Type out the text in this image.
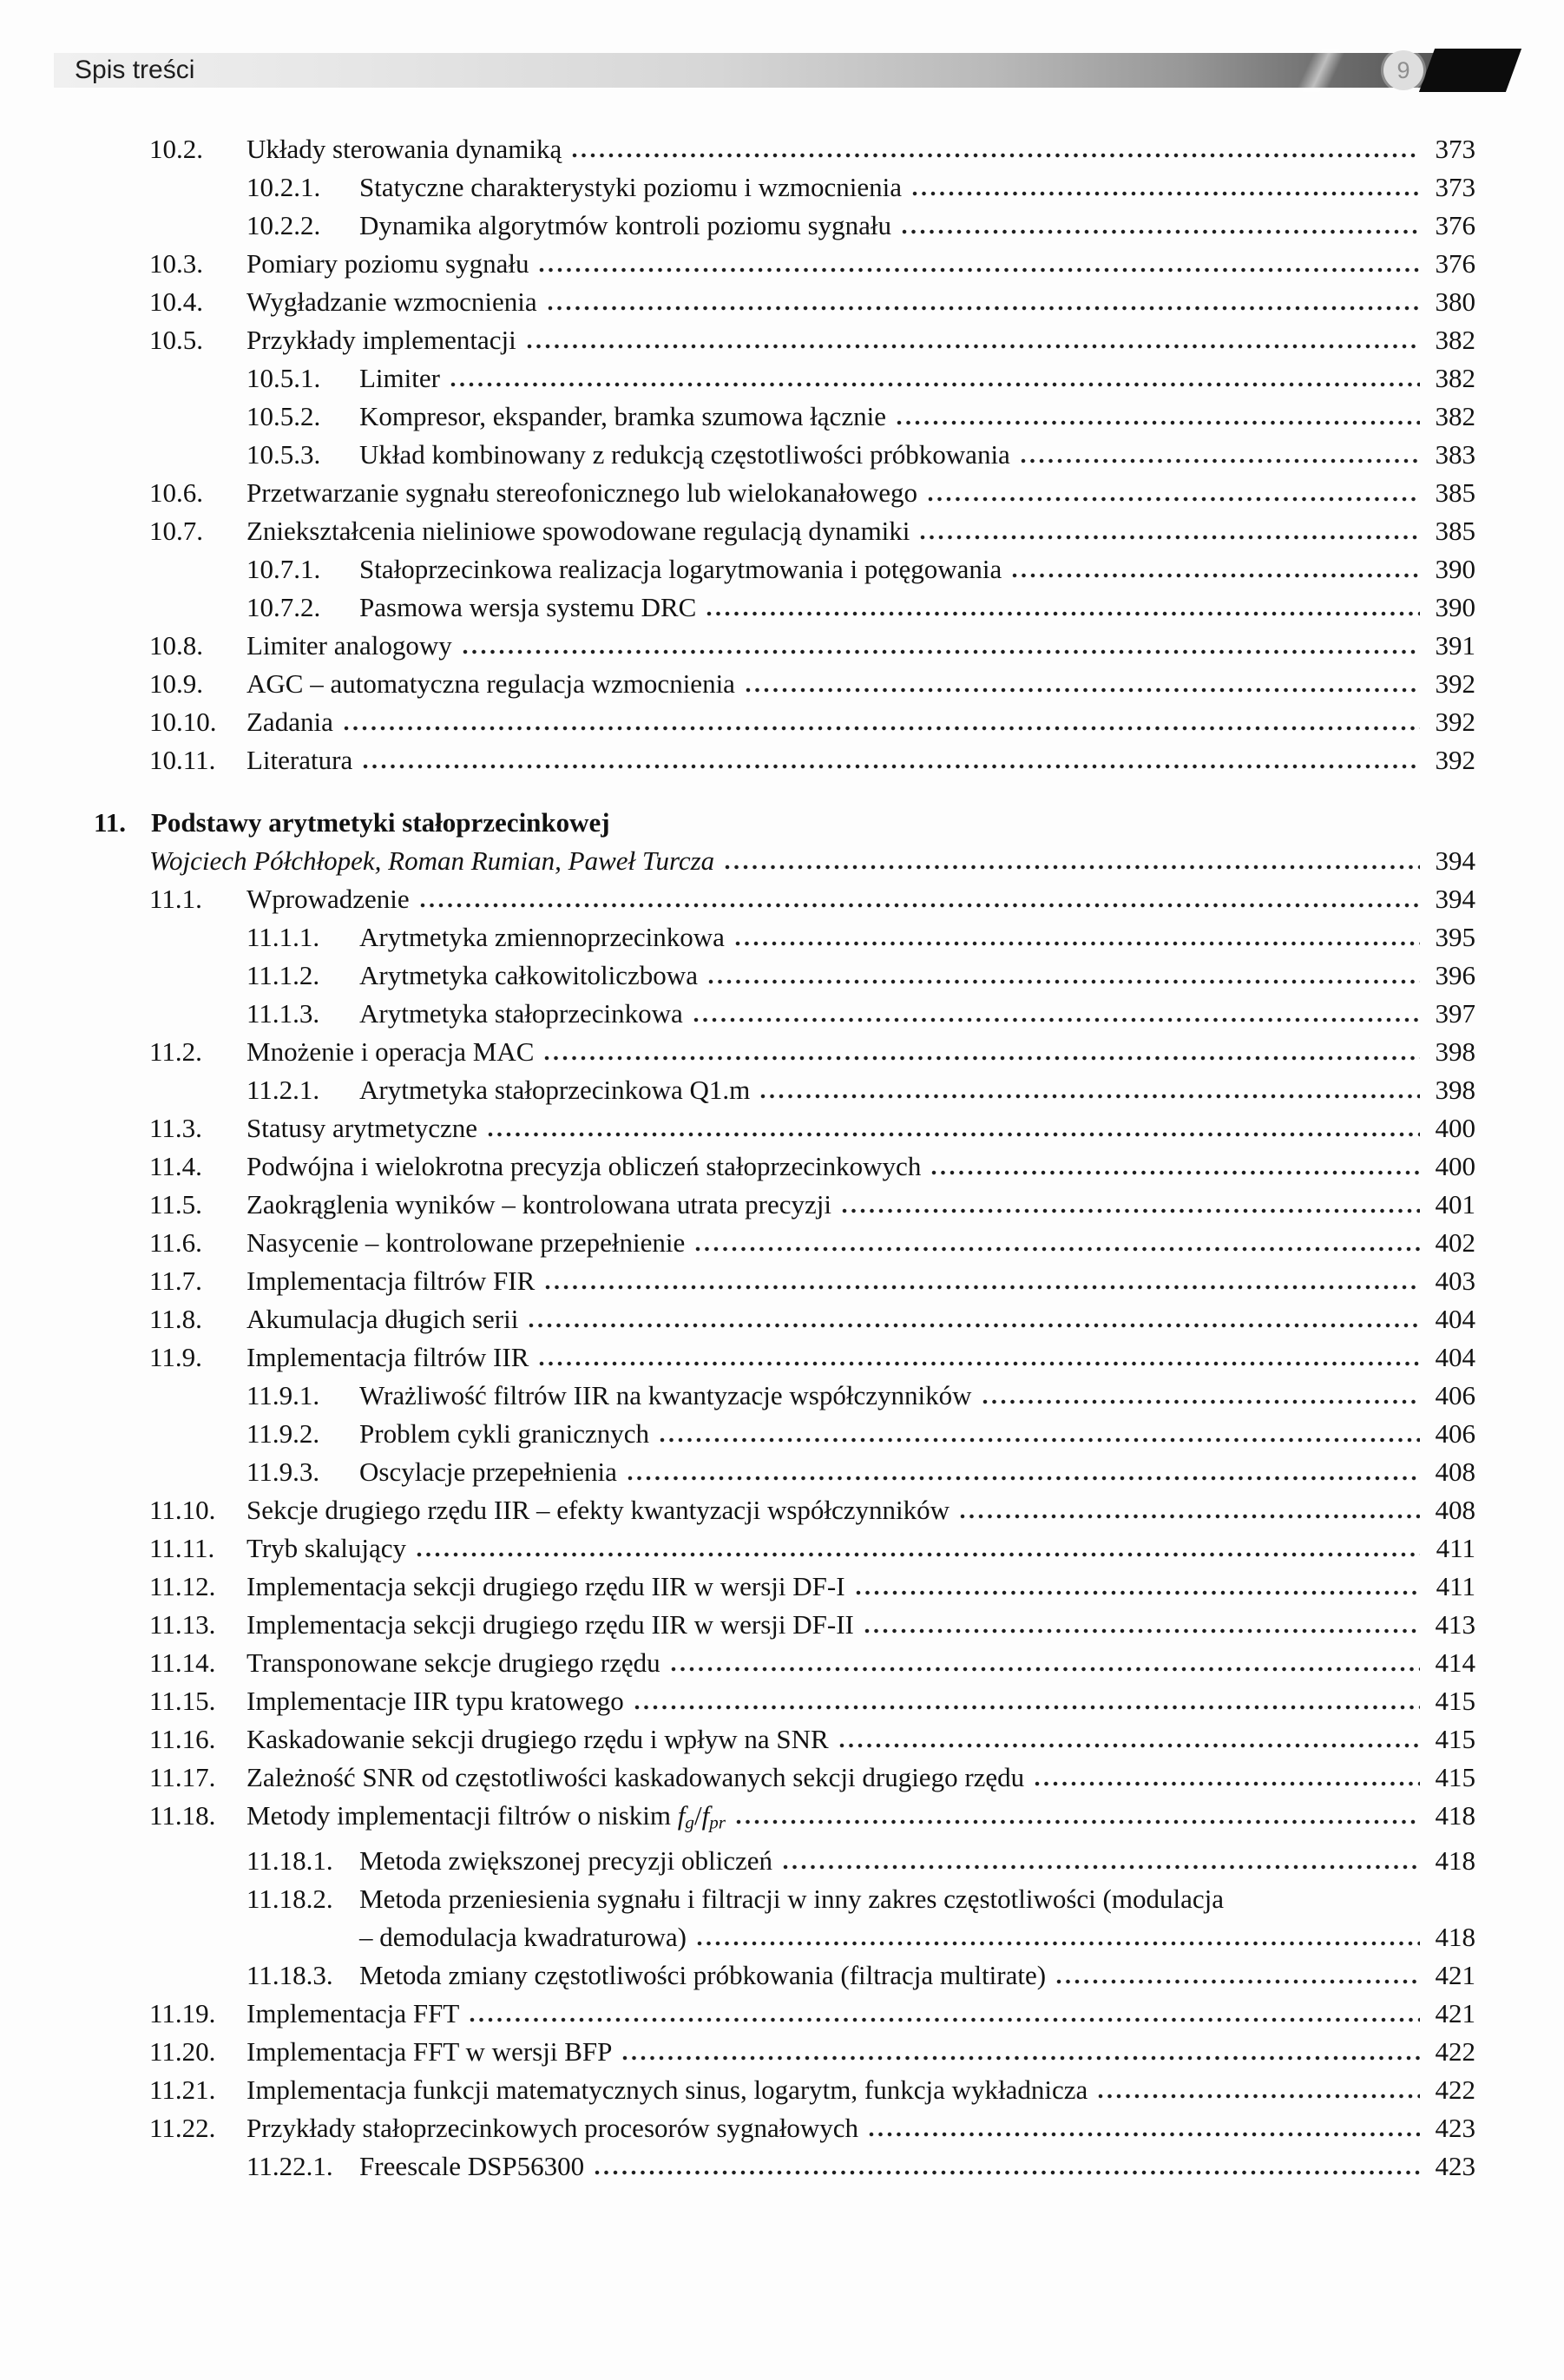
Spis treści	9
10.2.	Układy sterowania dynamiką	373
10.2.1.	Statyczne charakterystyki poziomu i wzmocnienia	373
10.2.2.	Dynamika algorytmów kontroli poziomu sygnału	376
10.3.	Pomiary poziomu sygnału	376
10.4.	Wygładzanie wzmocnienia	380
10.5.	Przykłady implementacji	382
10.5.1.	Limiter	382
10.5.2.	Kompresor, ekspander, bramka szumowa łącznie	382
10.5.3.	Układ kombinowany z redukcją częstotliwości próbkowania	383
10.6.	Przetwarzanie sygnału stereofonicznego lub wielokanałowego	385
10.7.	Zniekształcenia nieliniowe spowodowane regulacją dynamiki	385
10.7.1.	Stałoprzecinkowa realizacja logarytmowania i potęgowania	390
10.7.2.	Pasmowa wersja systemu DRC	390
10.8.	Limiter analogowy	391
10.9.	AGC – automatyczna regulacja wzmocnienia	392
10.10.	Zadania	392
10.11.	Literatura	392
11. Podstawy arytmetyki stałoprzecinkowej
Wojciech Półchłopek, Roman Rumian, Paweł Turcza	394
11.1.	Wprowadzenie	394
11.1.1.	Arytmetyka zmiennoprzecinkowa	395
11.1.2.	Arytmetyka całkowitoliczbowa	396
11.1.3.	Arytmetyka stałoprzecinkowa	397
11.2.	Mnożenie i operacja MAC	398
11.2.1.	Arytmetyka stałoprzecinkowa Q1.m	398
11.3.	Statusy arytmetyczne	400
11.4.	Podwójna i wielokrotna precyzja obliczeń stałoprzecinkowych	400
11.5.	Zaokrąglenia wyników – kontrolowana utrata precyzji	401
11.6.	Nasycenie – kontrolowane przepełnienie	402
11.7.	Implementacja filtrów FIR	403
11.8.	Akumulacja długich serii	404
11.9.	Implementacja filtrów IIR	404
11.9.1.	Wrażliwość filtrów IIR na kwantyzacje współczynników	406
11.9.2.	Problem cykli granicznych	406
11.9.3.	Oscylacje przepełnienia	408
11.10.	Sekcje drugiego rzędu IIR – efekty kwantyzacji współczynników	408
11.11.	Tryb skalujący	411
11.12.	Implementacja sekcji drugiego rzędu IIR w wersji DF-I	411
11.13.	Implementacja sekcji drugiego rzędu IIR w wersji DF-II	413
11.14.	Transponowane sekcje drugiego rzędu	414
11.15.	Implementacje IIR typu kratowego	415
11.16.	Kaskadowanie sekcji drugiego rzędu i wpływ na SNR	415
11.17.	Zależność SNR od częstotliwości kaskadowanych sekcji drugiego rzędu	415
11.18.	Metody implementacji filtrów o niskim $f_g/f_{pr}$	418
11.18.1. Metoda zwiększonej precyzji obliczeń	418
11.18.2. Metoda przeniesienia sygnału i filtracji w inny zakres częstotliwości (modulacja
– demodulacja kwadraturowa)	418
11.18.3. Metoda zmiany częstotliwości próbkowania (filtracja multirate)	421
11.19.	Implementacja FFT	421
11.20.	Implementacja FFT w wersji BFP	422
11.21.	Implementacja funkcji matematycznych sinus, logarytm, funkcja wykładnicza	422
11.22.	Przykłady stałoprzecinkowych procesorów sygnałowych	423
11.22.1. Freescale DSP56300	423
